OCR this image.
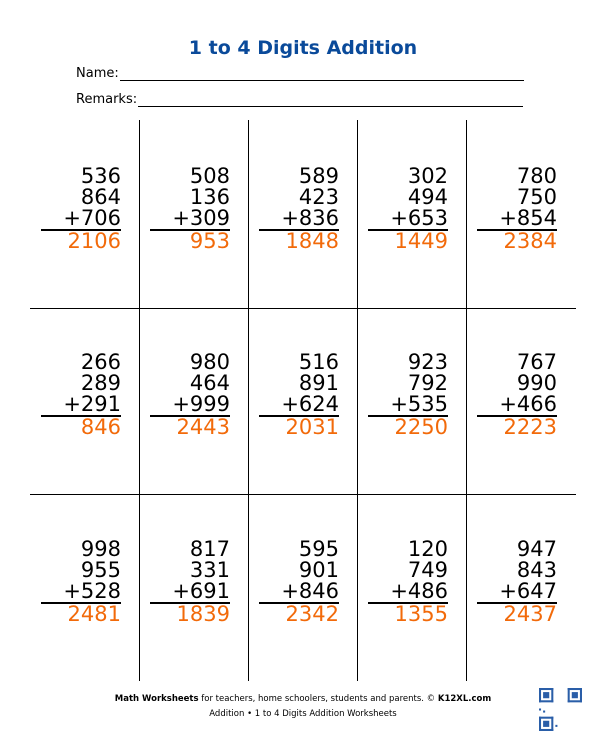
1 to 4 Digits Addition
Name:
Remarks:
536
864
+706
2106
508
136
+309
953
589
423
+836
1848
302
494
+653
1449
780
750
+854
2384
266
289
+291
846
980
464
+999
2443
516
891
+624
2031
923
792
+535
2250
767
990
+466
2223
998
955
+528
2481
817
331
+691
1839
595
901
+846
2342
120
749
+486
1355
947
843
+647
2437
Math Worksheets for teachers, home schoolers, students and parents. © K12XL.com
Addition • 1 to 4 Digits Addition Worksheets
